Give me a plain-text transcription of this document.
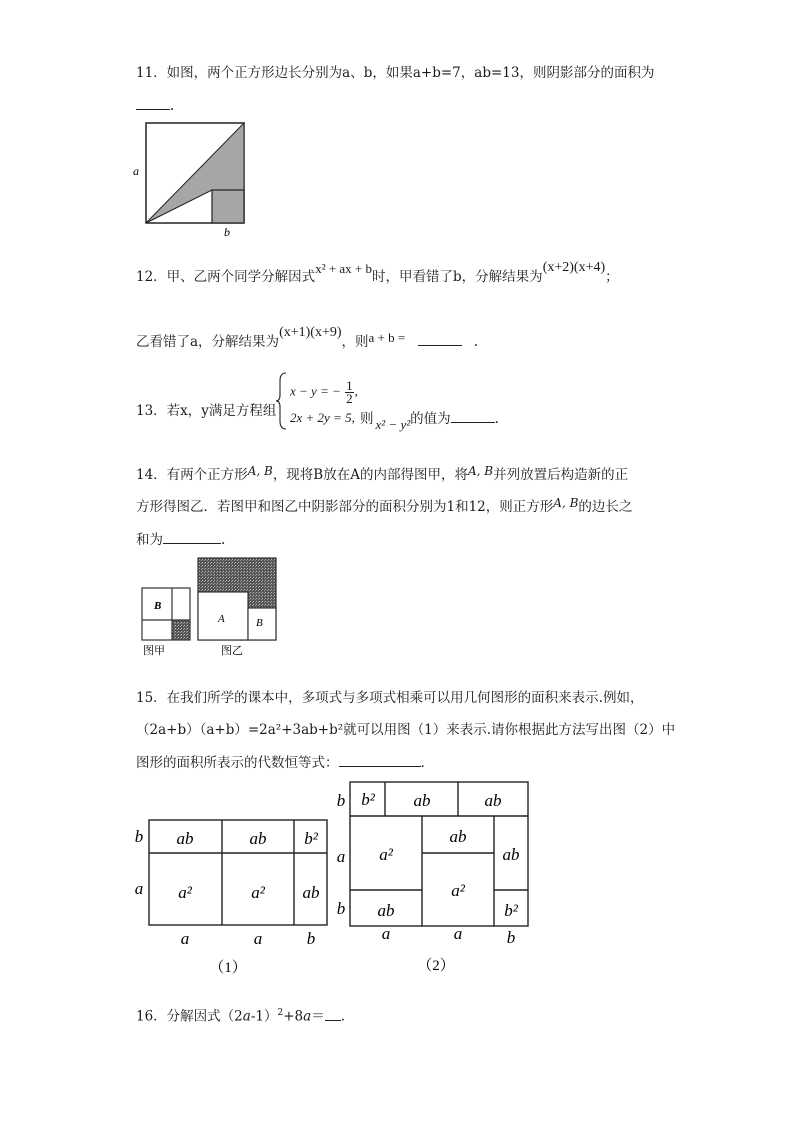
11．如图，两个正方形边长分别为a、b，如果a+b=7，ab=13，则阴影部分的面积为
.
a
b
12．甲、乙两个同学分解因式x² + ax + b时，甲看错了b，分解结果为(x+2)(x+4)；
乙看错了a，分解结果为(x+1)(x+9)，则a + b =	.
13．若x，y满足方程组
x − y = − $\frac{1}{2}$ ,
2x + 2y = 5, 则 x² − y²的值为	.
14．有两个正方形A, B，现将B放在A的内部得图甲，将A, B并列放置后构造新的正
方形得图乙．若图甲和图乙中阴影部分的面积分别为1和12，则正方形A, B的边长之
和为	.
B
图甲
A	B
图乙
15．在我们所学的课本中，多项式与多项式相乘可以用几何图形的面积来表示.例如，
（2a+b）（a+b）=2a²+3ab+b²就可以用图（1）来表示.请你根据此方法写出图（2）中
图形的面积所表示的代数恒等式：	.
ab	ab b²
a²	a² ab
b
a
a	a	b
（1）
b² ab	ab
a²
ab
ab
ab
a²
b²
b
a
b
a	a	b
（2）
16．分解因式（2a‐1）$^2$+8a＝ .
